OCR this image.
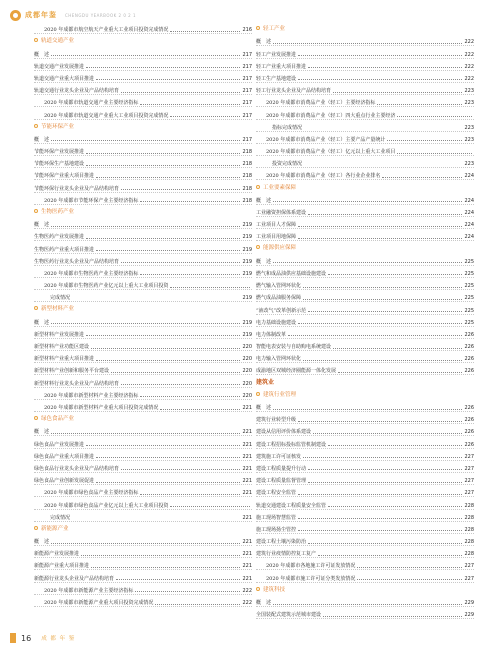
成都年鉴 CHENGDU YEARBOOK 2 0 2 1
2020 年成都市航空航天产业重大工业项目投资完成情况	216
轨道交通产业
概　述	217
轨道交通产业发展推进	217
轨道交通产业重大项目推进	217
轨道交通行业龙头企业及产品结构培育	217
2020 年成都市轨道交通产业主要经济指标	217
2020 年成都市轨道交通产业重大工业项目投资完成情况	217
节能环保产业
概　述	217
节能环保产业发展推进	218
节能环保生产基地建设	218
节能环保产业重大项目推进	218
节能环保行业龙头企业及产品结构培育	218
2020 年成都市节能环保产业主要经济指标	218
生物医药产业
概　述	219
生物医药产业发展推进	219
生物医药产业重大项目推进	219
生物医药行业龙头企业及产品结构培育	219
2020 年成都市生物医药产业主要经济指标	219
2020 年成都市生物医药产业亿元以上重大工业项目投资
完成情况	219
新型材料产业
概　述	219
新型材料产业发展推进	219
新型材料产业功能区建设	220
新型材料产业重大项目推进	220
新型材料产业创新和服务平台建设	220
新型材料行业龙头企业及产品结构培育	220
2020 年成都市新型材料产业主要经济指标	220
2020 年成都市新型材料产业重大项目投资完成情况	221
绿色食品产业
概　述	221
绿色食品产业发展推进	221
绿色食品产业重大项目推进	221
绿色食品行业龙头企业及产品结构培育	221
绿色食品产业创新发展促进	221
2020 年成都市绿色食品产业主要经济指标	221
2020 年成都市绿色食品产业亿元以上重大工业项目投资
完成情况	221
新能源产业
概　述	221
新能源产业发展推进	221
新能源产业重大项目推进	221
新能源行业龙头企业及产品结构培育	221
2020 年成都市新能源产业主要经济指标	222
2020 年成都市新能源产业重大项目投资完成情况	222
轻工产业
概　述	222
轻工产业发展推进	222
轻工产业重大项目推进	222
轻工生产基地建设	222
轻工行业龙头企业及产品结构培育	223
2020 年成都市消费品产业（轻工）主要经济指标	223
2020 年成都市消费品产业（轻工）四大重点行业主要经济
指标完成情况	223
2020 年成都市消费品产业（轻工）主要产品产量统计	223
2020 年成都市消费品产业（轻工）亿元以上重大工业项目
投资完成情况	223
2020 年成都市消费品产业（轻工）各行业企业排名	224
工业要素保障
概　述	224
工业融资担保体系建设	224
工业项目人才保障	224
工业项目用地保障	224
能源供应保障
概　述	225
燃气和成品油供应基础设施建设	225
燃气输入管网环状化	225
燃气成品油服务保障	225
“液改气”改革创新示范	225
电力基础设施建设	225
电力体制改革	226
智能电表安装与自助购电系统建设	226
电力输入管网环状化	226
成渝地区双城经济圈能源一体化发展	226
建筑业
建筑行业管理
概　述	226
建筑行业转型升级	226
建设从信用评价体系建设	226
建设工程招标投标监管机制建设	226
建筑施工许可证核发	227
建设工程质量提升行动	227
建设工程质量监督管理	227
建设工程安全监管	227
轨道交通建设工程质量安全监管	228
施工现场智慧监管	228
施工现场扬尘管控	228
建设工程土壤污染防治	228
建筑行业疫情防控复工复产	228
2020 年成都市各地施工许可证发放情况	227
2020 年成都市施工许可证分类发放情况	227
建筑科技
概　述	229
全国装配式建筑示范城市建设	229
16 成 都 年 鉴
